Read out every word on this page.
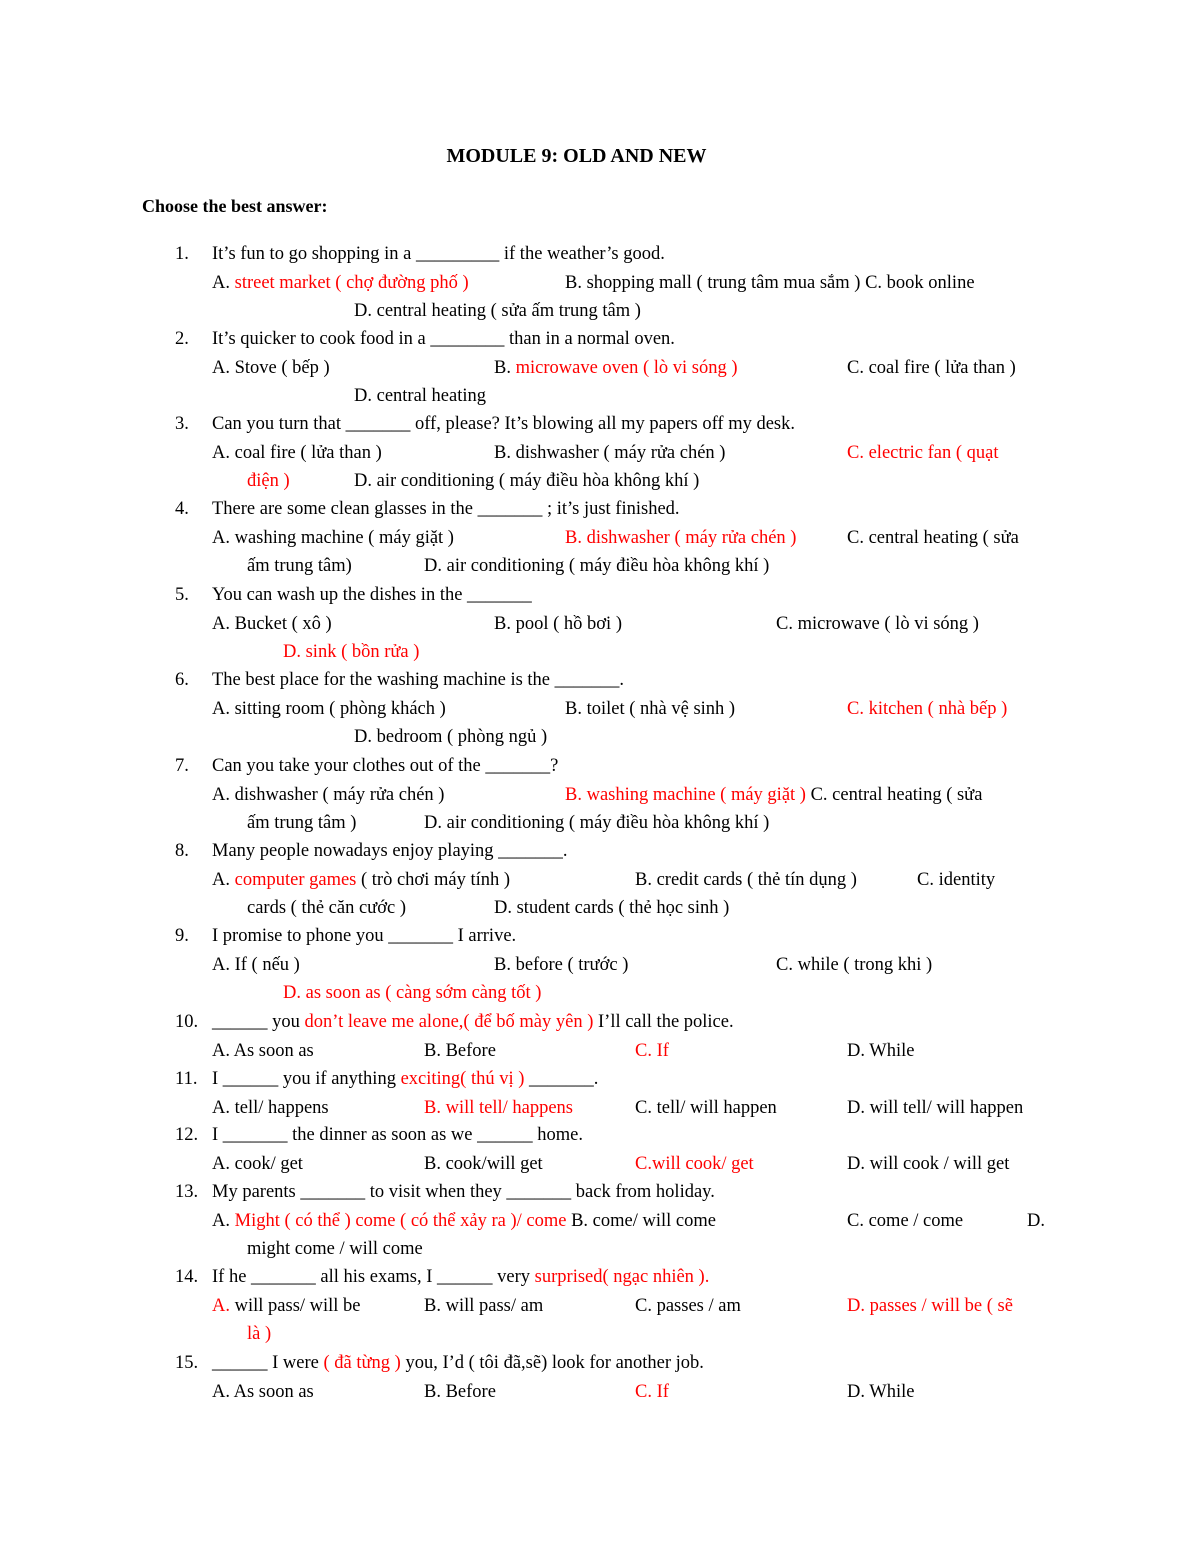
MODULE 9: OLD AND NEW
Choose the best answer:
1. It’s fun to go shopping in a _________ if the weather’s good.
A. street market ( chợ đường phố )	B. shopping mall ( trung tâm mua sắm ) C. book online
D. central heating ( sửa ấm trung tâm )
2. It’s quicker to cook food in a ________ than in a normal oven.
A. Stove ( bếp )	B. microwave oven ( lò vi sóng )	C. coal fire ( lửa than )
D. central heating
3. Can you turn that _______ off, please? It’s blowing all my papers off my desk.
A. coal fire ( lửa than )	B. dishwasher ( máy rửa chén )	C. electric fan ( quạt
điện )	D. air conditioning ( máy điều hòa không khí )
4. There are some clean glasses in the _______ ; it’s just finished.
A. washing machine ( máy giặt )	B. dishwasher ( máy rửa chén )	C. central heating ( sửa
ấm trung tâm)	D. air conditioning ( máy điều hòa không khí )
5. You can wash up the dishes in the _______
A. Bucket ( xô )	B. pool ( hồ bơi )	C. microwave ( lò vi sóng )
D. sink ( bồn rửa )
6. The best place for the washing machine is the _______.
A. sitting room ( phòng khách )	B. toilet ( nhà vệ sinh )	C. kitchen ( nhà bếp )
D. bedroom ( phòng ngủ )
7. Can you take your clothes out of the _______?
A. dishwasher ( máy rửa chén )	B. washing machine ( máy giặt ) C. central heating ( sửa
ấm trung tâm )	D. air conditioning ( máy điều hòa không khí )
8. Many people nowadays enjoy playing _______.
A. computer games ( trò chơi máy tính )	B. credit cards ( thẻ tín dụng )	C. identity
cards ( thẻ căn cước )	D. student cards ( thẻ học sinh )
9. I promise to phone you _______ I arrive.
A. If ( nếu )	B. before ( trước )	C. while ( trong khi )
D. as soon as ( càng sớm càng tốt )
10. ______ you don’t leave me alone,( để bố mày yên ) I’ll call the police.
A. As soon as	B. Before	C. If	D. While
11. I ______ you if anything exciting( thú vị ) _______.
A. tell/ happens	B. will tell/ happens	C. tell/ will happen	D. will tell/ will happen
12. I _______ the dinner as soon as we ______ home.
A. cook/ get	B. cook/will get	C.will cook/ get	D. will cook / will get
13. My parents _______ to visit when they _______ back from holiday.
A. Might ( có thể ) come ( có thể xảy ra )/ come B. come/ will come	C. come / come	D.
might come / will come
14. If he _______ all his exams, I ______ very surprised( ngạc nhiên ).
A. will pass/ will be	B. will pass/ am	C. passes / am	D. passes / will be ( sẽ
là )
15. ______ I were ( đã từng ) you, I’d ( tôi đã,sẽ) look for another job.
A. As soon as	B. Before	C. If	D. While
